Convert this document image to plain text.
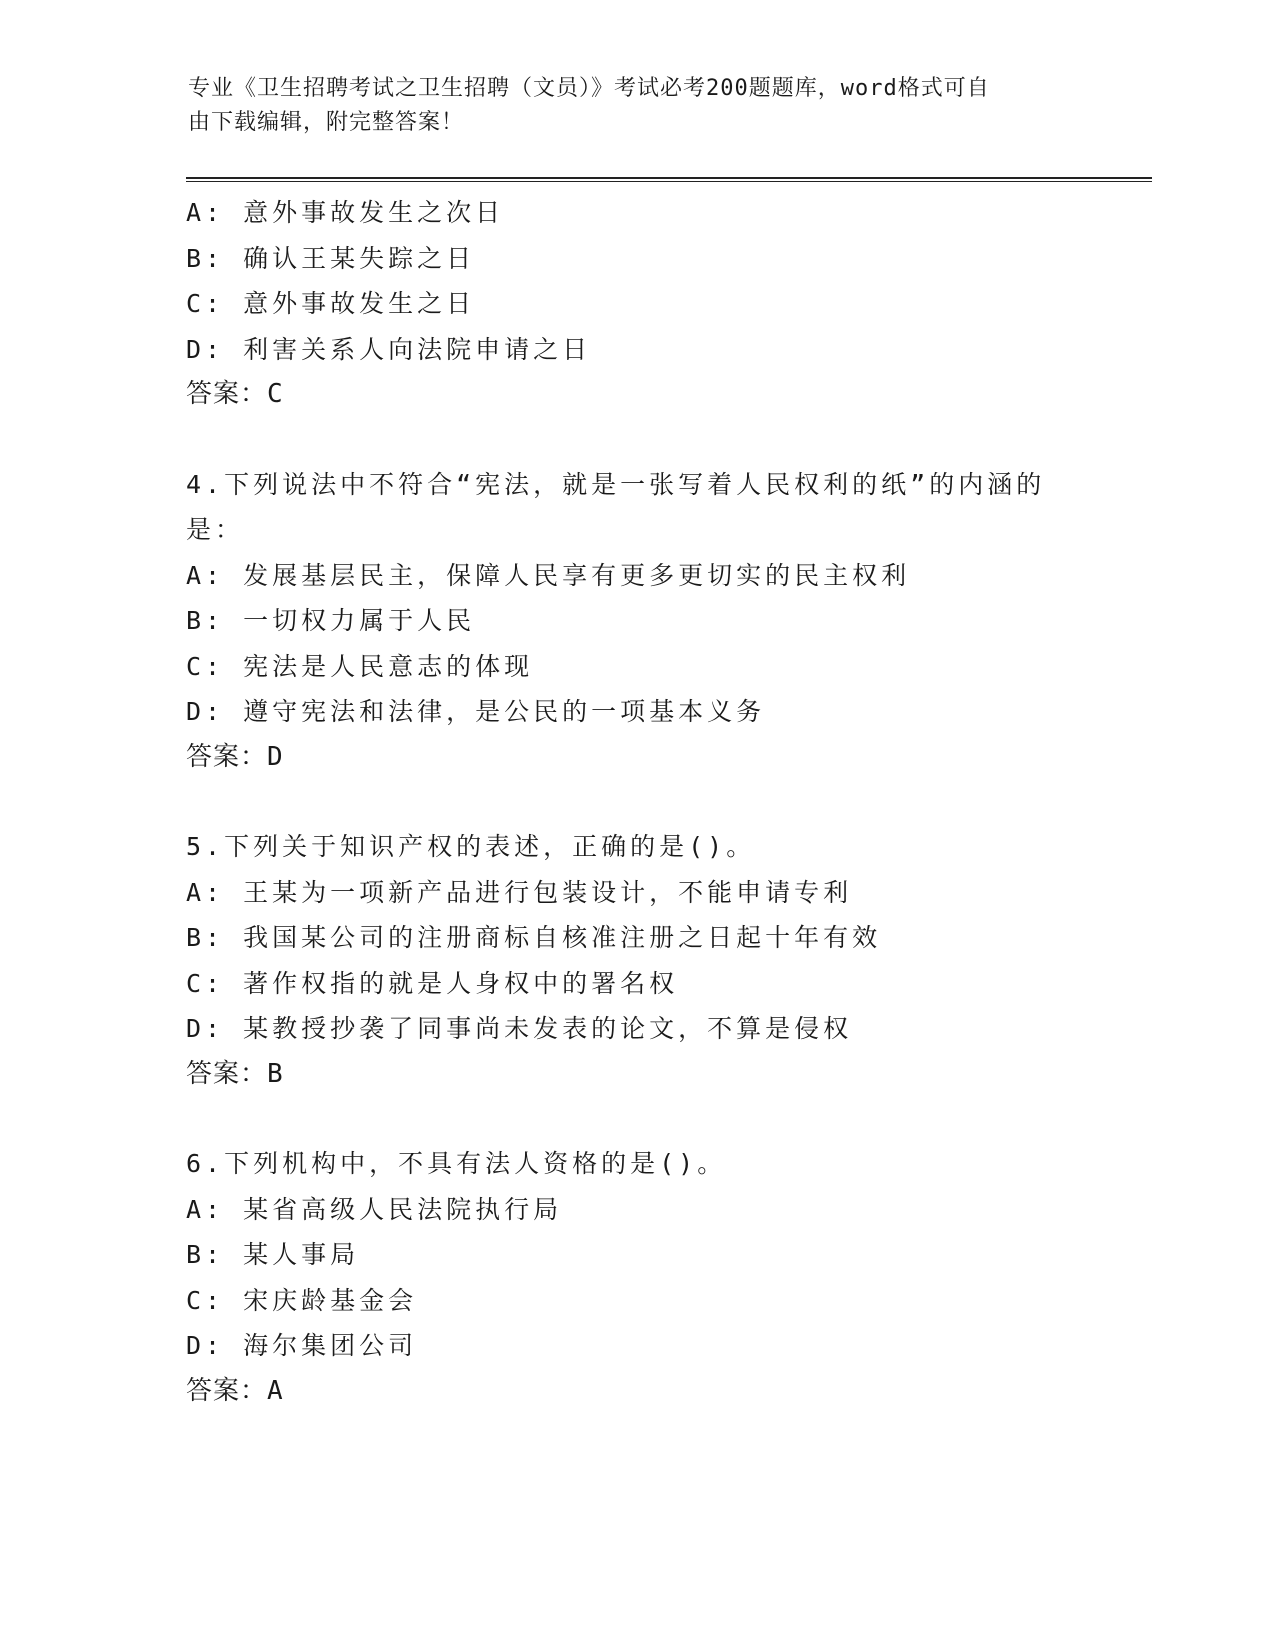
专业《卫生招聘考试之卫生招聘（文员）》考试必考200题题库，word格式可自
由下载编辑，附完整答案！
A: 意外事故发生之次日
B: 确认王某失踪之日
C: 意外事故发生之日
D: 利害关系人向法院申请之日
答案：C
4.下列说法中不符合“宪法，就是一张写着人民权利的纸”的内涵的
是：
A: 发展基层民主，保障人民享有更多更切实的民主权利
B: 一切权力属于人民
C: 宪法是人民意志的体现
D: 遵守宪法和法律，是公民的一项基本义务
答案：D
5.下列关于知识产权的表述，正确的是()。
A: 王某为一项新产品进行包装设计，不能申请专利
B: 我国某公司的注册商标自核准注册之日起十年有效
C: 著作权指的就是人身权中的署名权
D: 某教授抄袭了同事尚未发表的论文，不算是侵权
答案：B
6.下列机构中，不具有法人资格的是()。
A: 某省高级人民法院执行局
B: 某人事局
C: 宋庆龄基金会
D: 海尔集团公司
答案：A
